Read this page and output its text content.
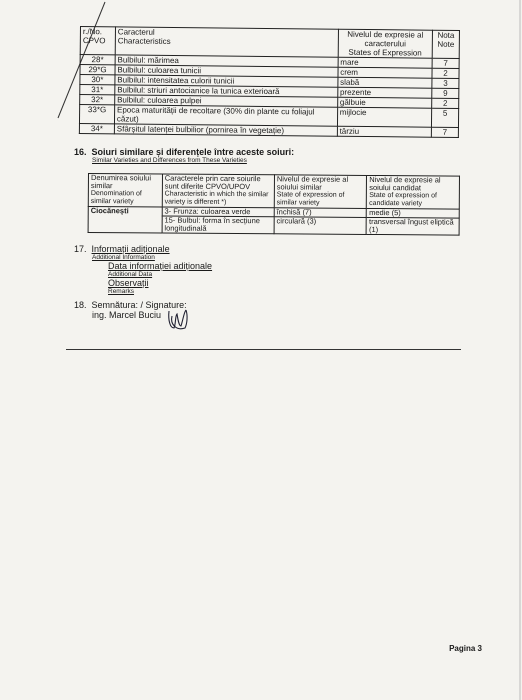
r./No.
CPVO	Caracterul
Characteristics	Nivelul de expresie al caracterului
States of Expression	Nota
Note
28*	Bulbilul: mărimea	mare	7
29*G	Bulbilul: culoarea tunicii	crem	2
30*	Bulbilul: intensitatea culorii tunicii	slabă	3
31*	Bulbilul: striuri antocianice la tunica exterioară	prezente	9
32*	Bulbilul: culoarea pulpei	gălbuie	2
33*G	Epoca maturității de recoltare (30% din plante cu foliajul căzut)	mijlocie	5
34*	Sfârșitul latenței bulbilior (pornirea în vegetație)	târziu	7
16. Soiuri similare și diferențele între aceste soiuri:
Similar Varieties and Differences from These Varieties
Denumirea soiului similar
Denomination of similar variety	Caracterele prin care soiurile sunt diferite CPVO/UPOV
Characteristic in which the similar variety is different *)	Nivelul de expresie al soiului similar
State of expression of similar variety	Nivelul de expresie al soiului candidat
State of expression of candidate variety

Ciocănești	3- Frunza: culoarea verde	închisă (7)	medie (5)
	15- Bulbul: forma în secțiune longitudinală	circulară (3)	transversal îngust eliptică (1)
17. Informații adiționale
Additional Information
Data informației adiționale
Additional Data
Observații
Remarks
18. Semnătura: / Signature:
ing. Marcel Buciu
Pagina 3
